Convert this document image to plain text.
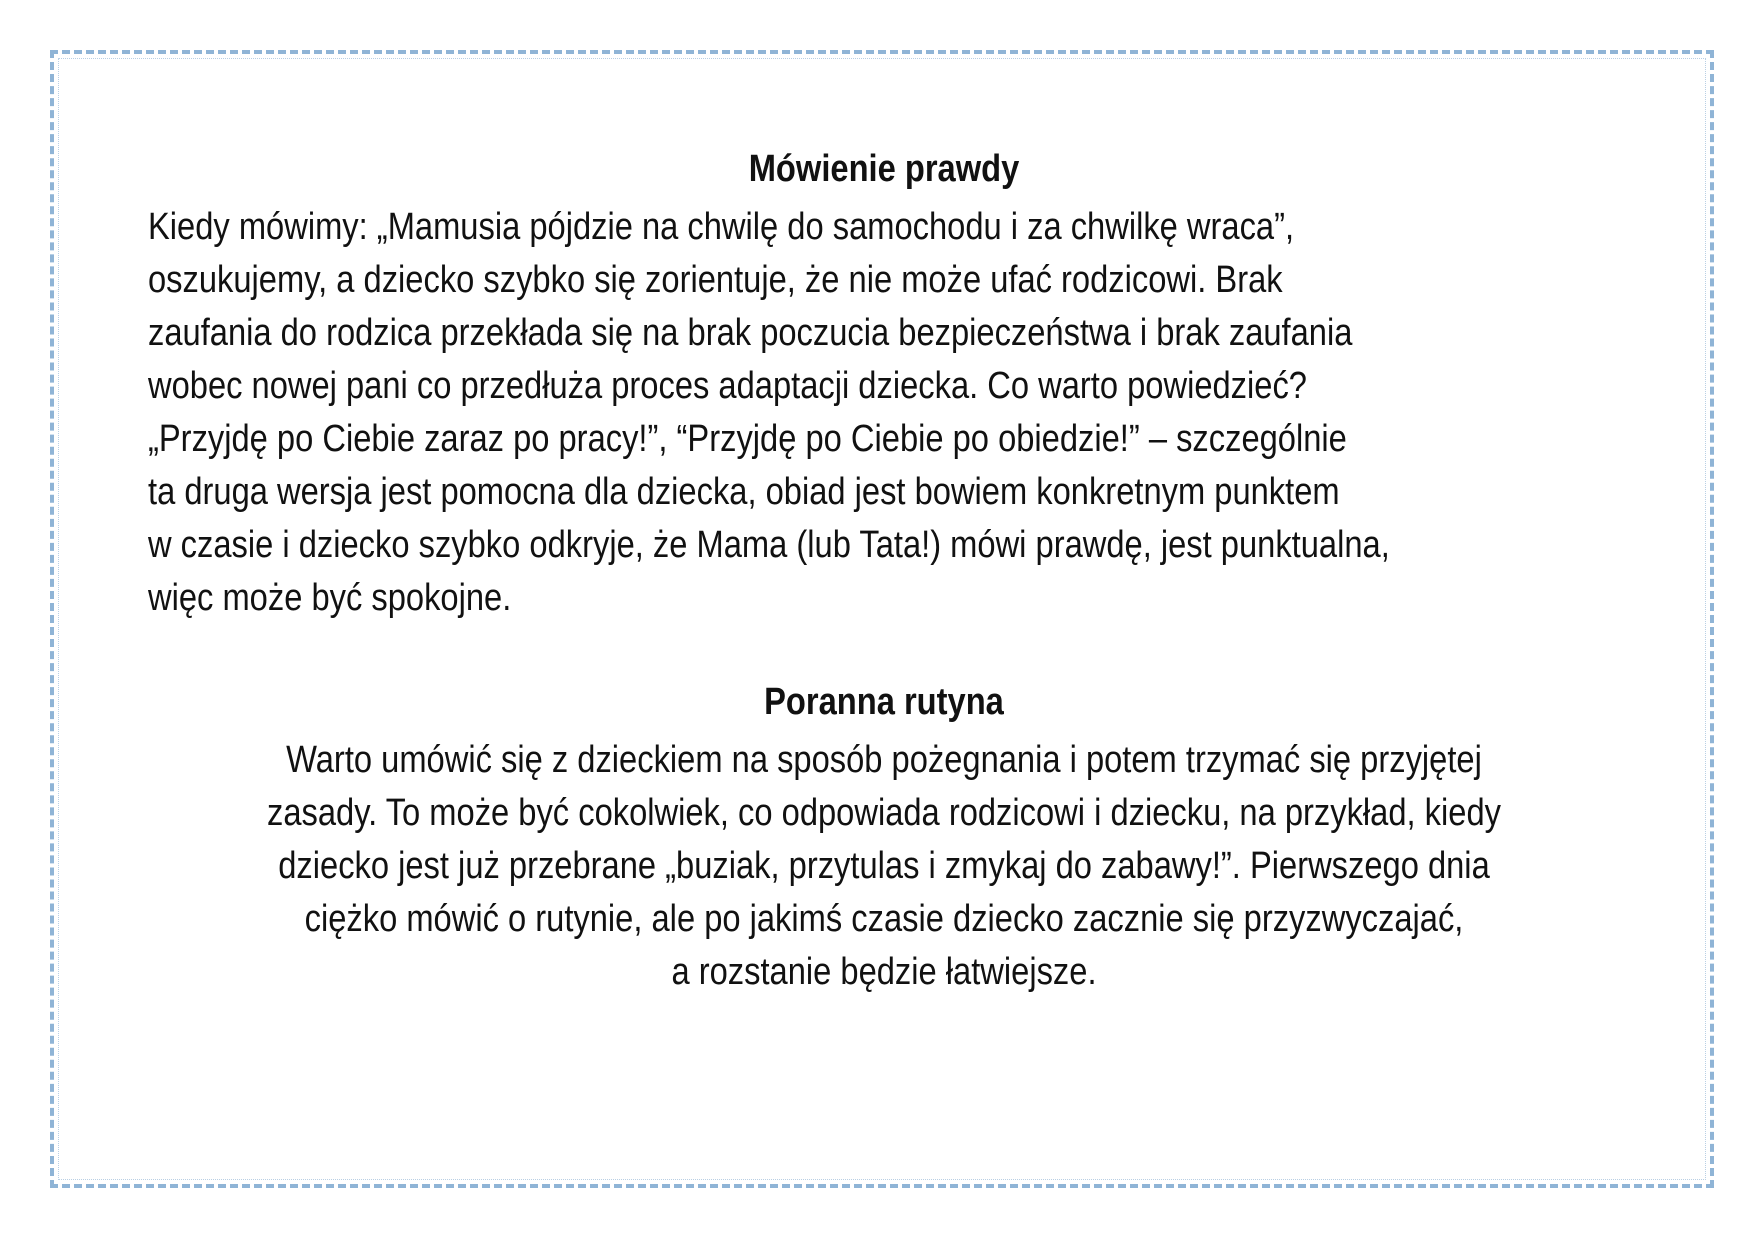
Mówienie prawdy

Kiedy mówimy: „Mamusia pójdzie na chwilę do samochodu i za chwilkę wraca”,
oszukujemy, a dziecko szybko się zorientuje, że nie może ufać rodzicowi. Brak
zaufania do rodzica przekłada się na brak poczucia bezpieczeństwa i brak zaufania
wobec nowej pani co przedłuża proces adaptacji dziecka. Co warto powiedzieć?
„Przyjdę po Ciebie zaraz po pracy!”, “Przyjdę po Ciebie po obiedzie!” – szczególnie
ta druga wersja jest pomocna dla dziecka, obiad jest bowiem konkretnym punktem
w czasie i dziecko szybko odkryje, że Mama (lub Tata!) mówi prawdę, jest punktualna,
więc może być spokojne.

Poranna rutyna

Warto umówić się z dzieckiem na sposób pożegnania i potem trzymać się przyjętej
zasady. To może być cokolwiek, co odpowiada rodzicowi i dziecku, na przykład, kiedy
dziecko jest już przebrane „buziak, przytulas i zmykaj do zabawy!”. Pierwszego dnia
ciężko mówić o rutynie, ale po jakimś czasie dziecko zacznie się przyzwyczajać,
a rozstanie będzie łatwiejsze.
